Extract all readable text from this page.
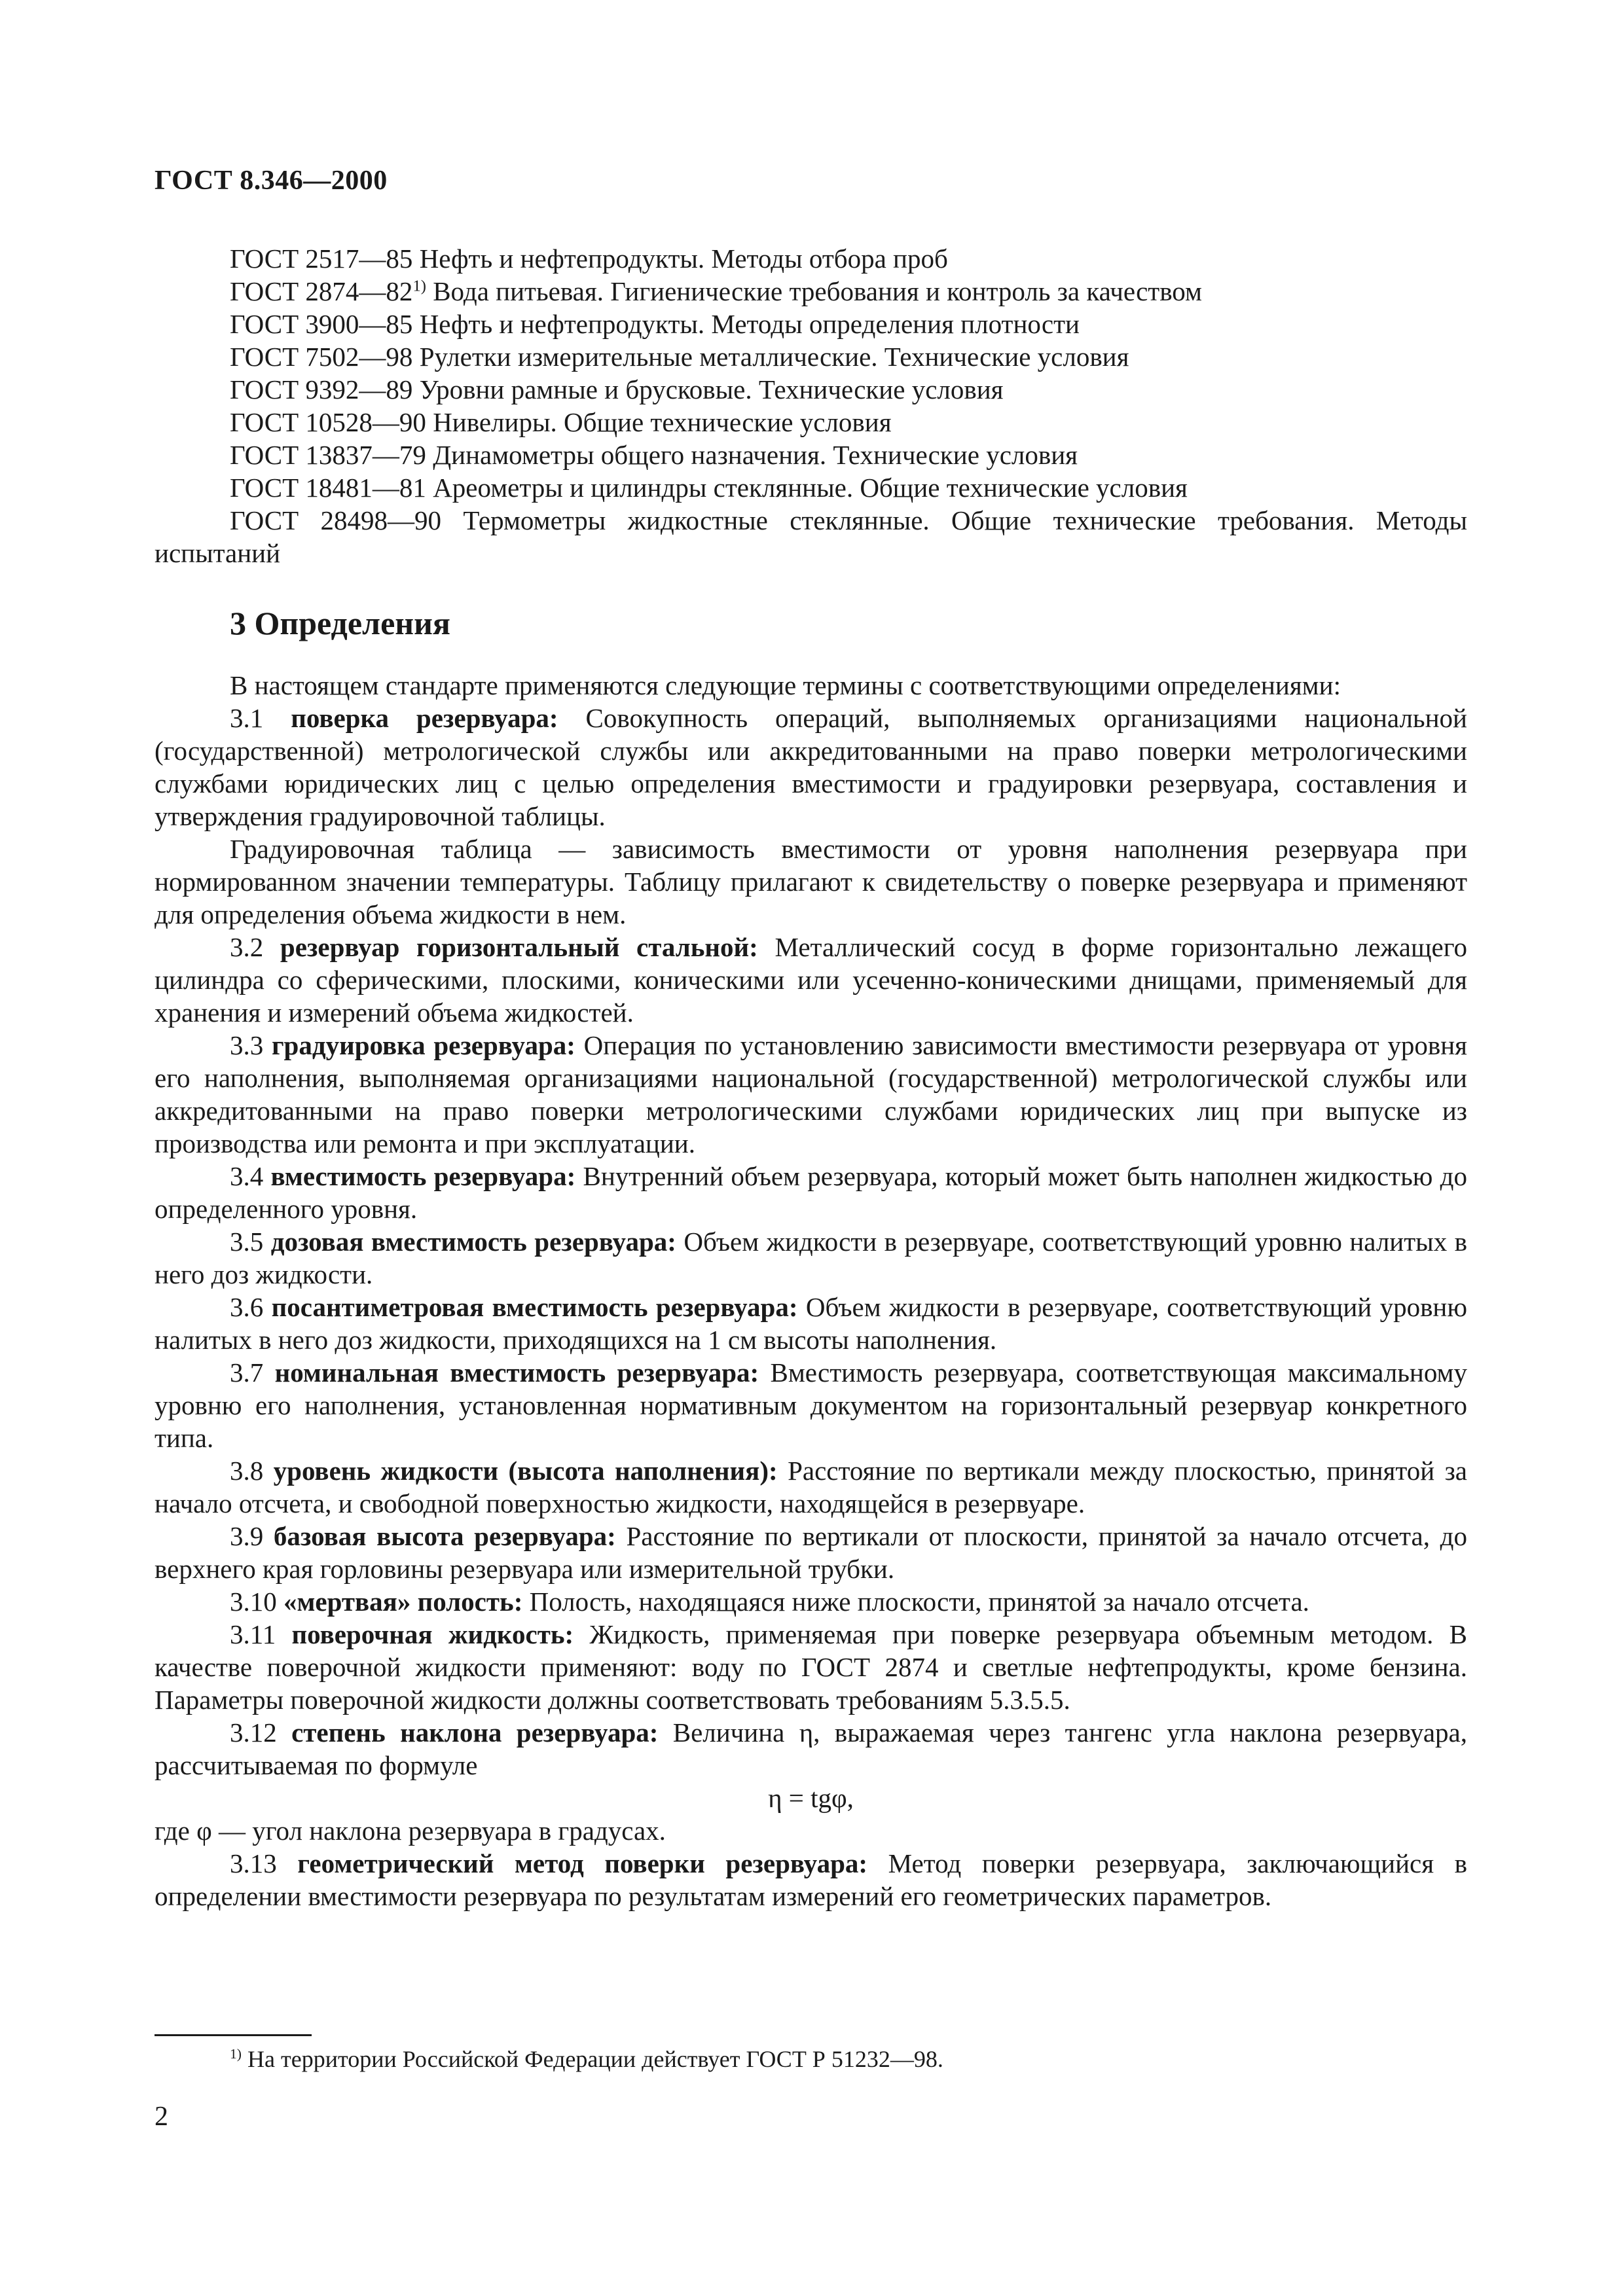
ГОСТ 8.346—2000
ГОСТ 2517—85 Нефть и нефтепродукты. Методы отбора проб
ГОСТ 2874—82$^{1)}$ Вода питьевая. Гигиенические требования и контроль за качеством
ГОСТ 3900—85 Нефть и нефтепродукты. Методы определения плотности
ГОСТ 7502—98 Рулетки измерительные металлические. Технические условия
ГОСТ 9392—89 Уровни рамные и брусковые. Технические условия
ГОСТ 10528—90 Нивелиры. Общие технические условия
ГОСТ 13837—79 Динамометры общего назначения. Технические условия
ГОСТ 18481—81 Ареометры и цилиндры стеклянные. Общие технические условия
ГОСТ 28498—90 Термометры жидкостные стеклянные. Общие технические требования. Методы испытаний
3 Определения

В настоящем стандарте применяются следующие термины с соответствующими определениями:

3.1 поверка резервуара: Совокупность операций, выполняемых организациями национальной (государственной) метрологической службы или аккредитованными на право поверки метрологическими службами юридических лиц с целью определения вместимости и градуировки резервуара, составления и утверждения градуировочной таблицы.

Градуировочная таблица — зависимость вместимости от уровня наполнения резервуара при нормированном значении температуры. Таблицу прилагают к свидетельству о поверке резервуара и применяют для определения объема жидкости в нем.

3.2 резервуар горизонтальный стальной: Металлический сосуд в форме горизонтально лежащего цилиндра со сферическими, плоскими, коническими или усеченно-коническими днищами, применяемый для хранения и измерений объема жидкостей.

3.3 градуировка резервуара: Операция по установлению зависимости вместимости резервуара от уровня его наполнения, выполняемая организациями национальной (государственной) метрологической службы или аккредитованными на право поверки метрологическими службами юридических лиц при выпуске из производства или ремонта и при эксплуатации.

3.4 вместимость резервуара: Внутренний объем резервуара, который может быть наполнен жидкостью до определенного уровня.

3.5 дозовая вместимость резервуара: Объем жидкости в резервуаре, соответствующий уровню налитых в него доз жидкости.

3.6 посантиметровая вместимость резервуара: Объем жидкости в резервуаре, соответствующий уровню налитых в него доз жидкости, приходящихся на 1 см высоты наполнения.

3.7 номинальная вместимость резервуара: Вместимость резервуара, соответствующая максимальному уровню его наполнения, установленная нормативным документом на горизонтальный резервуар конкретного типа.

3.8 уровень жидкости (высота наполнения): Расстояние по вертикали между плоскостью, принятой за начало отсчета, и свободной поверхностью жидкости, находящейся в резервуаре.

3.9 базовая высота резервуара: Расстояние по вертикали от плоскости, принятой за начало отсчета, до верхнего края горловины резервуара или измерительной трубки.

3.10 «мертвая» полость: Полость, находящаяся ниже плоскости, принятой за начало отсчета.

3.11 поверочная жидкость: Жидкость, применяемая при поверке резервуара объемным методом. В качестве поверочной жидкости применяют: воду по ГОСТ 2874 и светлые нефтепродукты, кроме бензина. Параметры поверочной жидкости должны соответствовать требованиям 5.3.5.5.

3.12 степень наклона резервуара: Величина η, выражаемая через тангенс угла наклона резервуара, рассчитываемая по формуле

η = tgφ,

где φ — угол наклона резервуара в градусах.

3.13 геометрический метод поверки резервуара: Метод поверки резервуара, заключающийся в определении вместимости резервуара по результатам измерений его геометрических параметров.

$^{1)}$ На территории Российской Федерации действует ГОСТ Р 51232—98.
2
